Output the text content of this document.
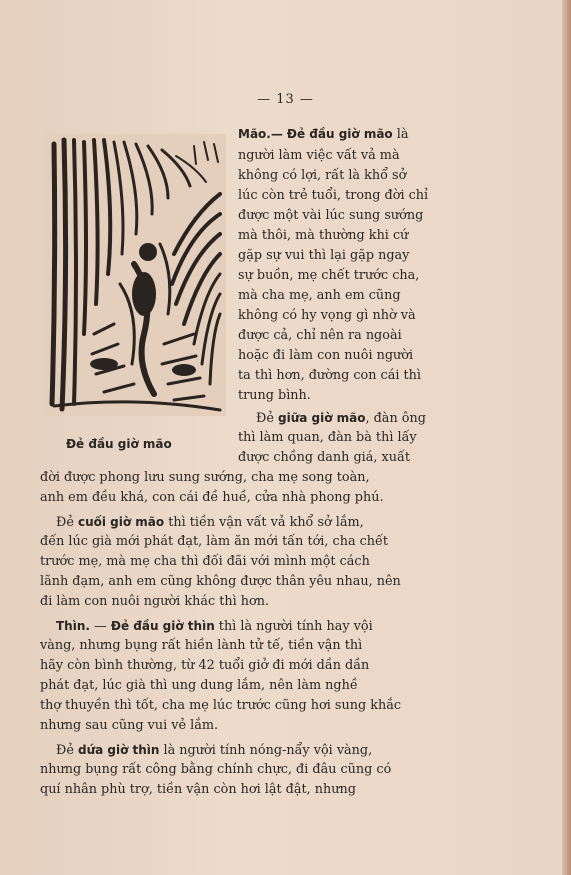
— 13 —
Đẻ đầu giờ mão
Mão.— Đẻ đầu giờ mão là
người làm việc vất vả mà
không có lợi, rất là khổ sở
lúc còn trẻ tuổi, trong đời chỉ
được một vài lúc sung sướng
mà thôi, mà thường khi cứ
gặp sự vui thì lại gặp ngay
sự buồn, mẹ chết trước cha,
mà cha mẹ, anh em cũng
không có hy vọng gì nhờ và
được cả, chỉ nên ra ngoài
hoặc đi làm con nuôi người
ta thì hơn, đường con cái thì
trung bình.
Đẻ giữa giờ mão, đàn ông
thì làm quan, đàn bà thì lấy
được chồng danh giá, xuất
đời được phong lưu sung sướng, cha mẹ song toàn,
anh em đều khá, con cái đề huề, cửa nhà phong phú.
Đẻ cuối giờ mão thì tiền vận vất vả khổ sở lắm,
đến lúc già mới phát đạt, làm ăn mới tấn tới, cha chết
trước mẹ, mà mẹ cha thì đối đãi với mình một cách
lãnh đạm, anh em cũng không được thân yêu nhau, nên
đi làm con nuôi người khác thì hơn.
Thìn. — Đẻ đầu giờ thìn thì là người tính hay vội
vàng, nhưng bụng rất hiền lành tử tế, tiền vận thì
hãy còn bình thường, từ 42 tuổi giở đi mới dần dần
phát đạt, lúc già thì ung dung lắm, nên làm nghề
thợ thuyền thì tốt, cha mẹ lúc trước cũng hơi sung khắc
nhưng sau cũng vui vẻ lắm.
Đẻ dứa giờ thìn là người tính nóng-nẩy vội vàng,
nhưng bụng rất công bằng chính chực, đi đâu cũng có
quí nhân phù trợ, tiền vận còn hơi lật đật, nhưng
